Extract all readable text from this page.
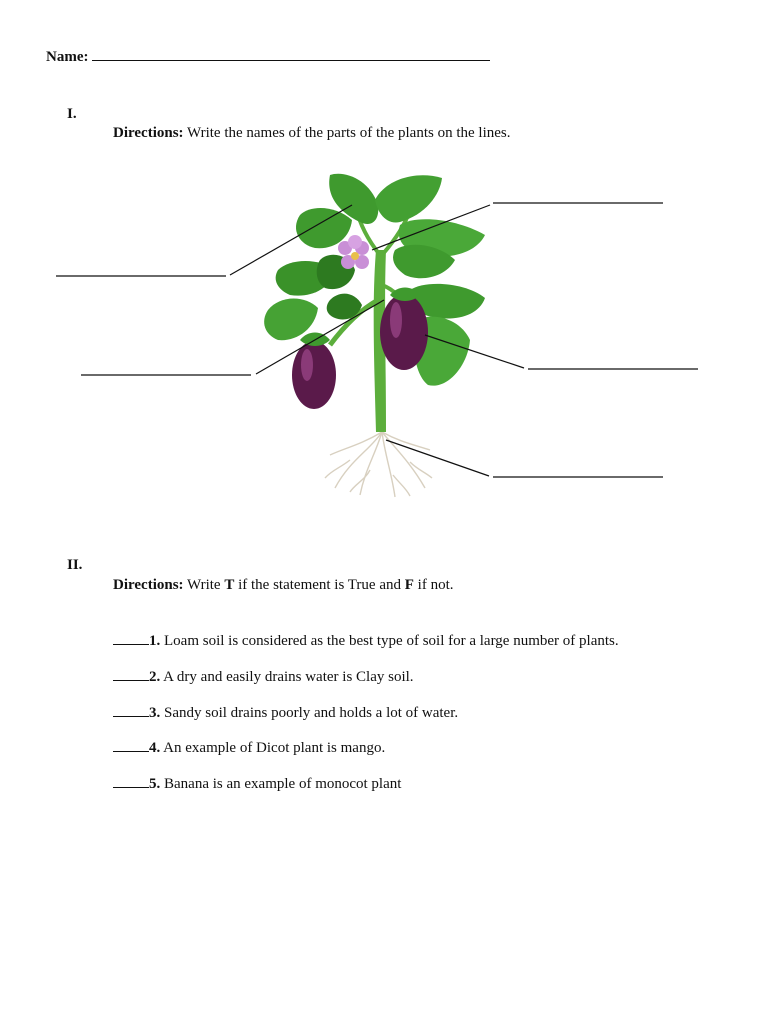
Name:
I.
Directions: Write the names of the parts of the plants on the lines.
II.
Directions: Write T if the statement is True and F if not.
1. Loam soil is considered as the best type of soil for a large number of plants.
2. A dry and easily drains water is Clay soil.
3. Sandy soil drains poorly and holds a lot of water.
4. An example of Dicot plant is mango.
5. Banana is an example of monocot plant
